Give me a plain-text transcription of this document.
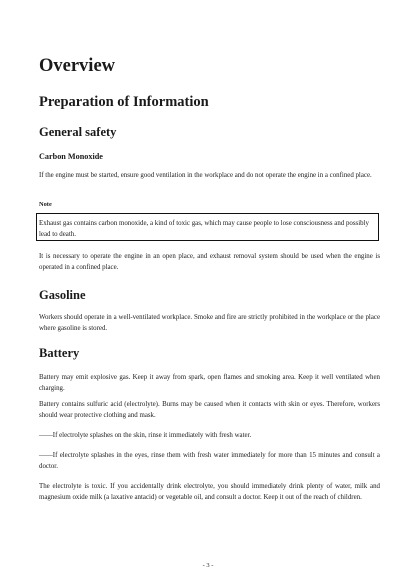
Overview
Preparation of Information
General safety
Carbon Monoxide

If the engine must be started, ensure good ventilation in the workplace and do not operate the engine in a confined place.

Note

Exhaust gas contains carbon monoxide, a kind of toxic gas, which may cause people to lose consciousness and possibly lead to death.

It is necessary to operate the engine in an open place, and exhaust removal system should be used when the engine is operated in a confined place.

Gasoline

Workers should operate in a well-ventilated workplace. Smoke and fire are strictly prohibited in the workplace or the place where gasoline is stored.

Battery

Battery may emit explosive gas. Keep it away from spark, open flames and smoking area. Keep it well ventilated when charging.

Battery contains sulfuric acid (electrolyte). Burns may be caused when it contacts with skin or eyes. Therefore, workers should wear protective clothing and mask.

——If electrolyte splashes on the skin, rinse it immediately with fresh water.

——If electrolyte splashes in the eyes, rinse them with fresh water immediately for more than 15 minutes and consult a doctor.

The electrolyte is toxic. If you accidentally drink electrolyte, you should immediately drink plenty of water, milk and magnesium oxide milk (a laxative antacid) or vegetable oil, and consult a doctor. Keep it out of the reach of children.

- 3 -
